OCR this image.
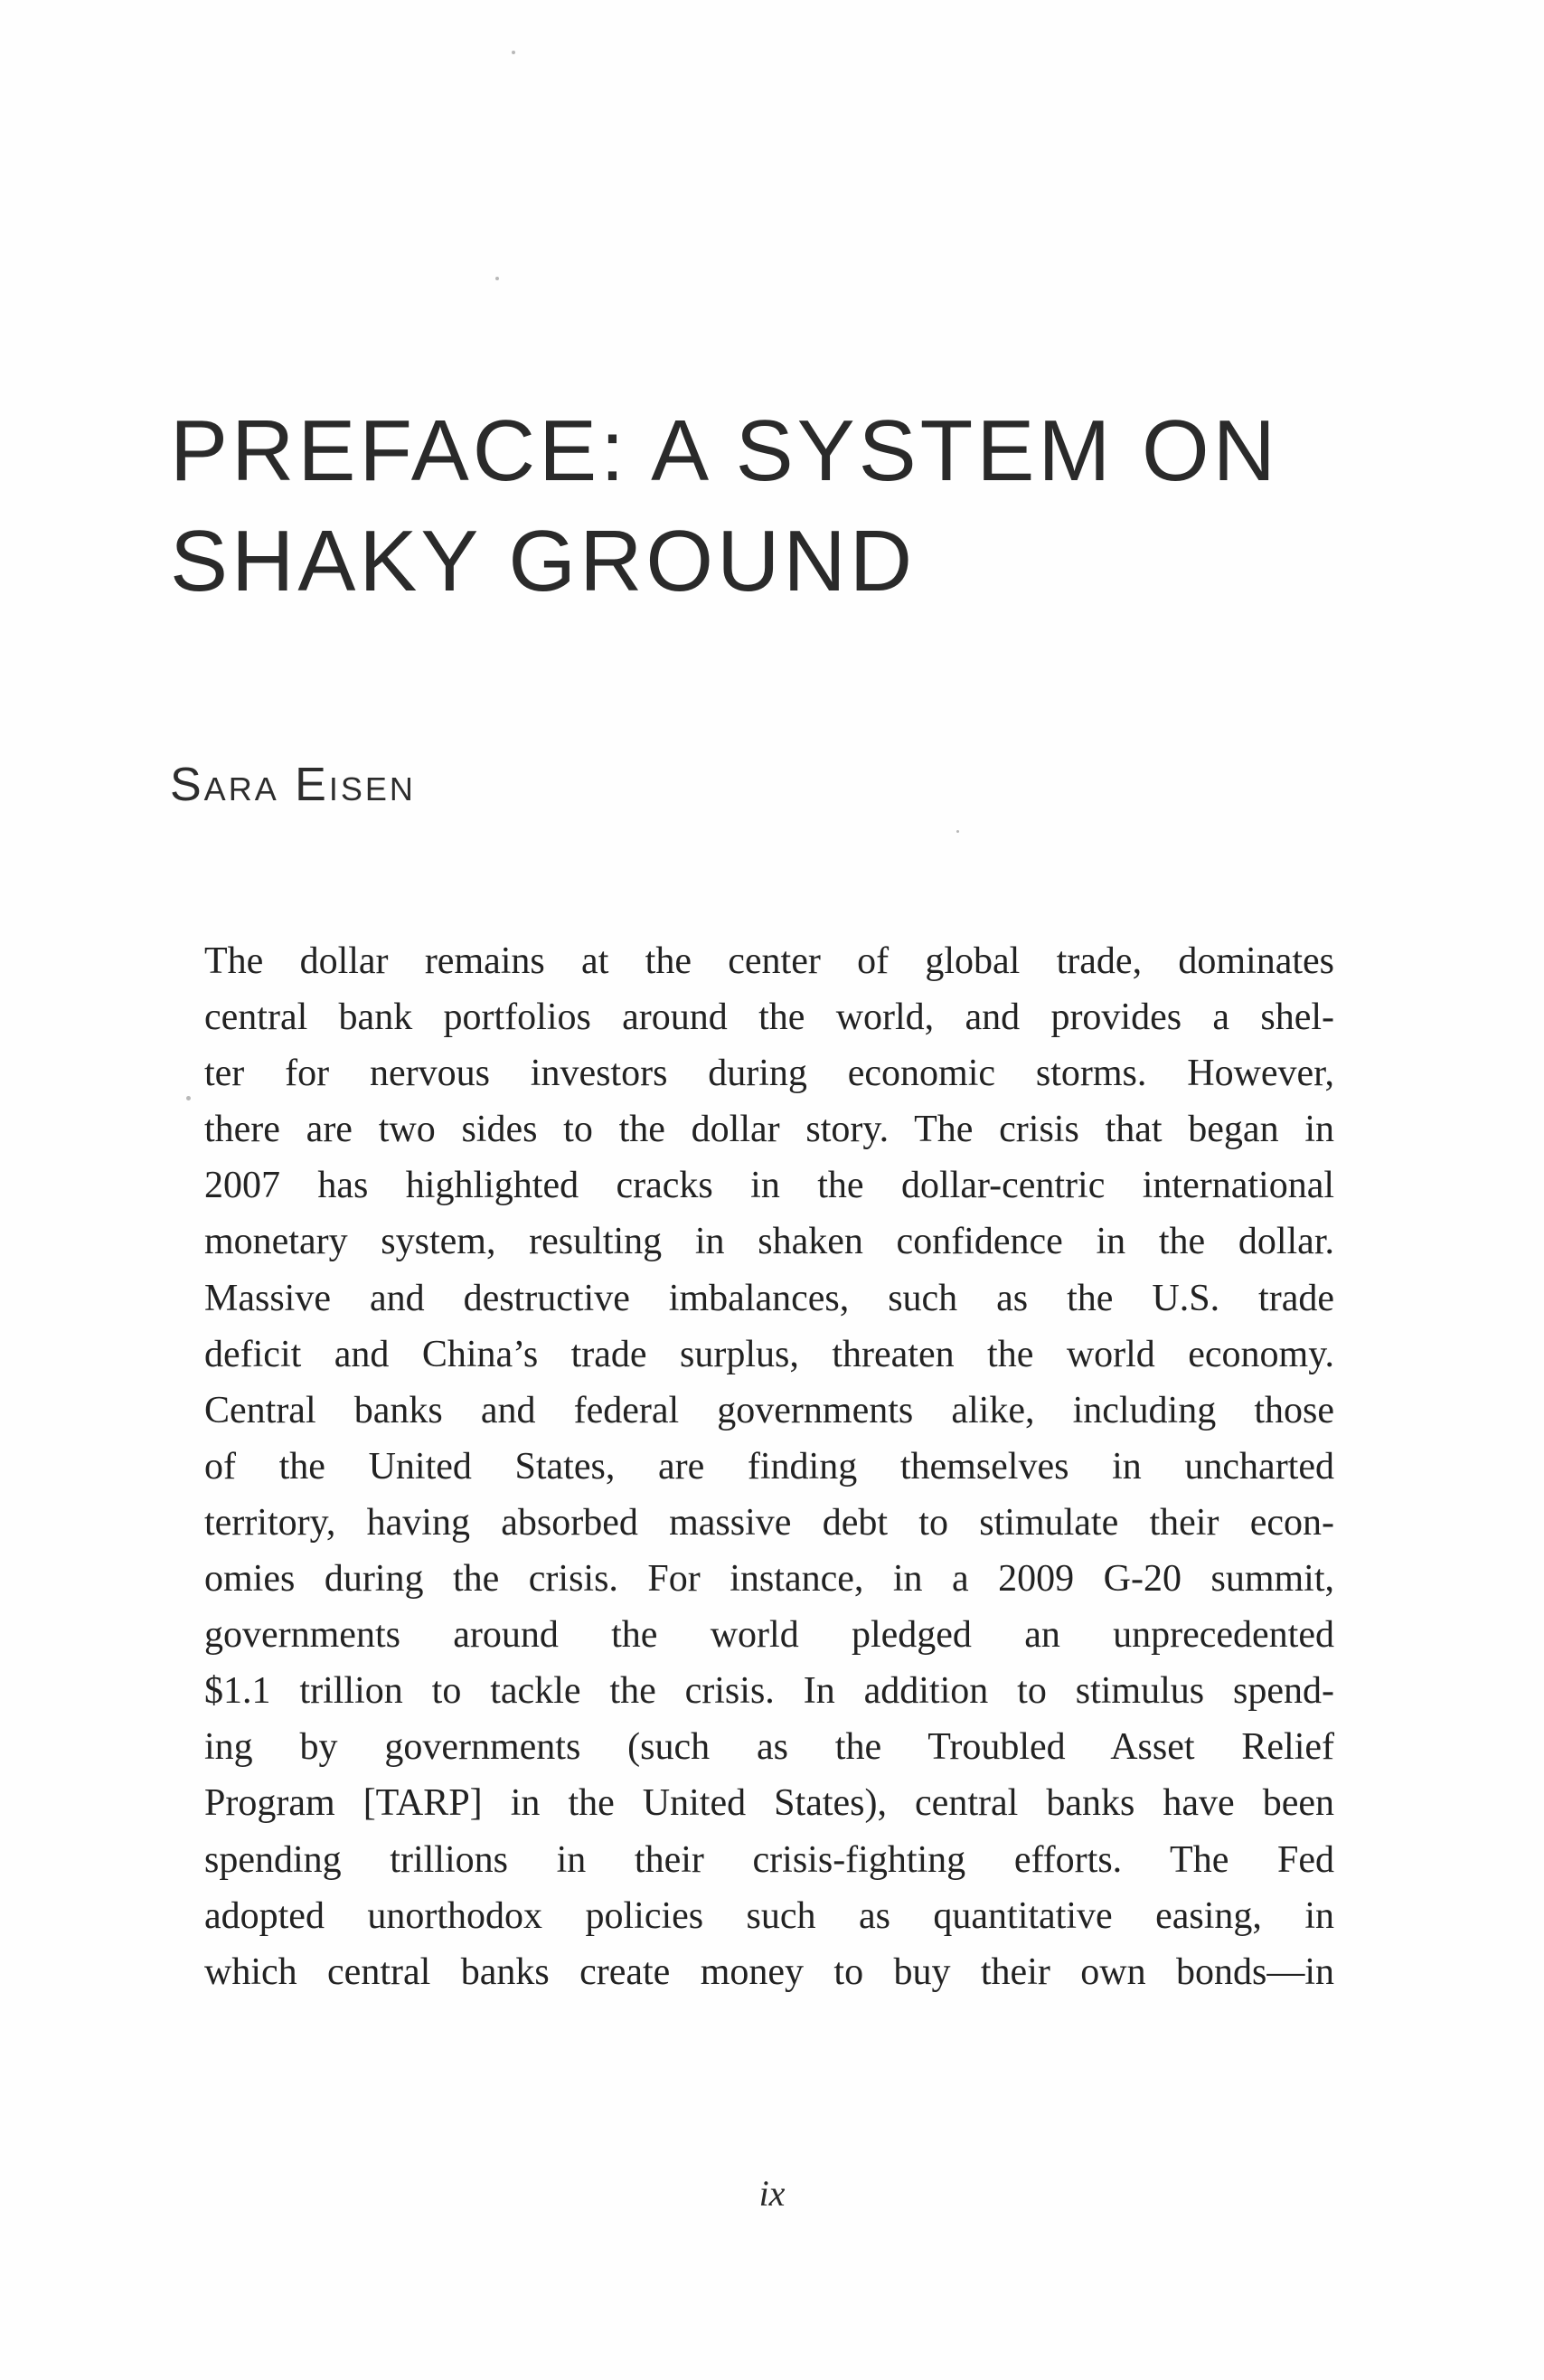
PREFACE: A SYSTEM ON
SHAKY GROUND

Sara Eisen

The dollar remains at the center of global trade, dominates
central bank portfolios around the world, and provides a shel-
ter for nervous investors during economic storms. However,
there are two sides to the dollar story. The crisis that began in
2007 has highlighted cracks in the dollar-centric international
monetary system, resulting in shaken confidence in the dollar.
Massive and destructive imbalances, such as the U.S. trade
deficit and China’s trade surplus, threaten the world economy.
Central banks and federal governments alike, including those
of the United States, are finding themselves in uncharted
territory, having absorbed massive debt to stimulate their econ-
omies during the crisis. For instance, in a 2009 G-20 summit,
governments around the world pledged an unprecedented
$1.1 trillion to tackle the crisis. In addition to stimulus spend-
ing by governments (such as the Troubled Asset Relief
Program [TARP] in the United States), central banks have been
spending trillions in their crisis-fighting efforts. The Fed
adopted unorthodox policies such as quantitative easing, in
which central banks create money to buy their own bonds—in
ix
